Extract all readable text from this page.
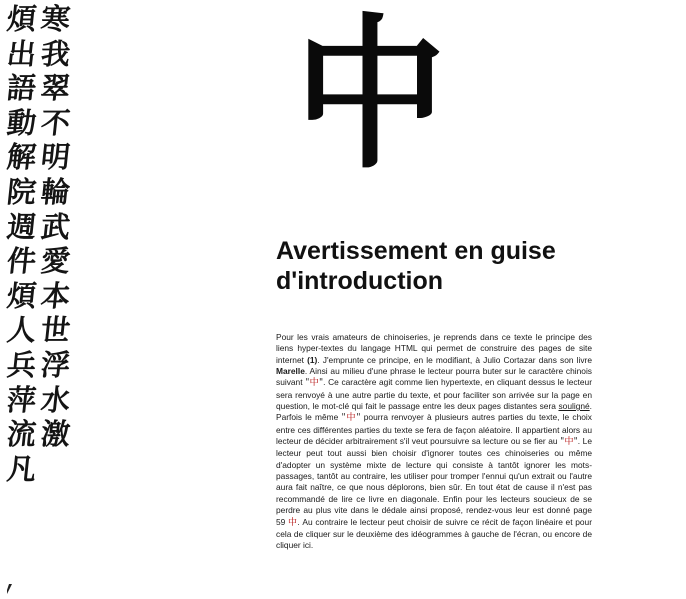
煩
出
語
動
解
院
週
件
煩
人
兵
萍
流
凡
寒
我
翠
不
明
輪
武
愛
本
世
浮
水
激
中
Avertissement en guise d'introduction

Pour les vrais amateurs de chinoiseries, je reprends dans ce texte le principe des liens hyper-textes du langage HTML qui permet de construire des pages de site internet (1). J'emprunte ce principe, en le modifiant, à Julio Cortazar dans son livre Marelle. Ainsi au milieu d'une phrase le lecteur pourra buter sur le caractère chinois suivant " 中 " . Ce caractère agit comme lien hypertexte, en cliquant dessus le lecteur sera renvoyé à une autre partie du texte, et pour faciliter son arrivée sur la page en question, le mot-clé qui fait le passage entre les deux pages distantes sera souligné. Parfois le même " 中 " pourra renvoyer à plusieurs autres parties du texte, le choix entre ces différentes parties du texte se fera de façon aléatoire. Il appartient alors au lecteur de décider arbitrairement s'il veut poursuivre sa lecture ou se fier au " 中 " . Le lecteur peut tout aussi bien choisir d'ignorer toutes ces chinoiseries ou même d'adopter un système mixte de lecture qui consiste à tantôt ignorer les mots-passages, tantôt au contraire, les utiliser pour tromper l'ennui qu'un extrait ou l'autre aura fait naître, ce que nous déplorons, bien sûr. En tout état de cause il n'est pas recommandé de lire ce livre en diagonale. Enfin pour les lecteurs soucieux de se perdre au plus vite dans le dédale ainsi proposé, rendez-vous leur est donné page 59 中. Au contraire le lecteur peut choisir de suivre ce récit de façon linéaire et pour cela de cliquer sur le deuxième des idéogrammes à gauche de l'écran, ou encore de cliquer ici.
